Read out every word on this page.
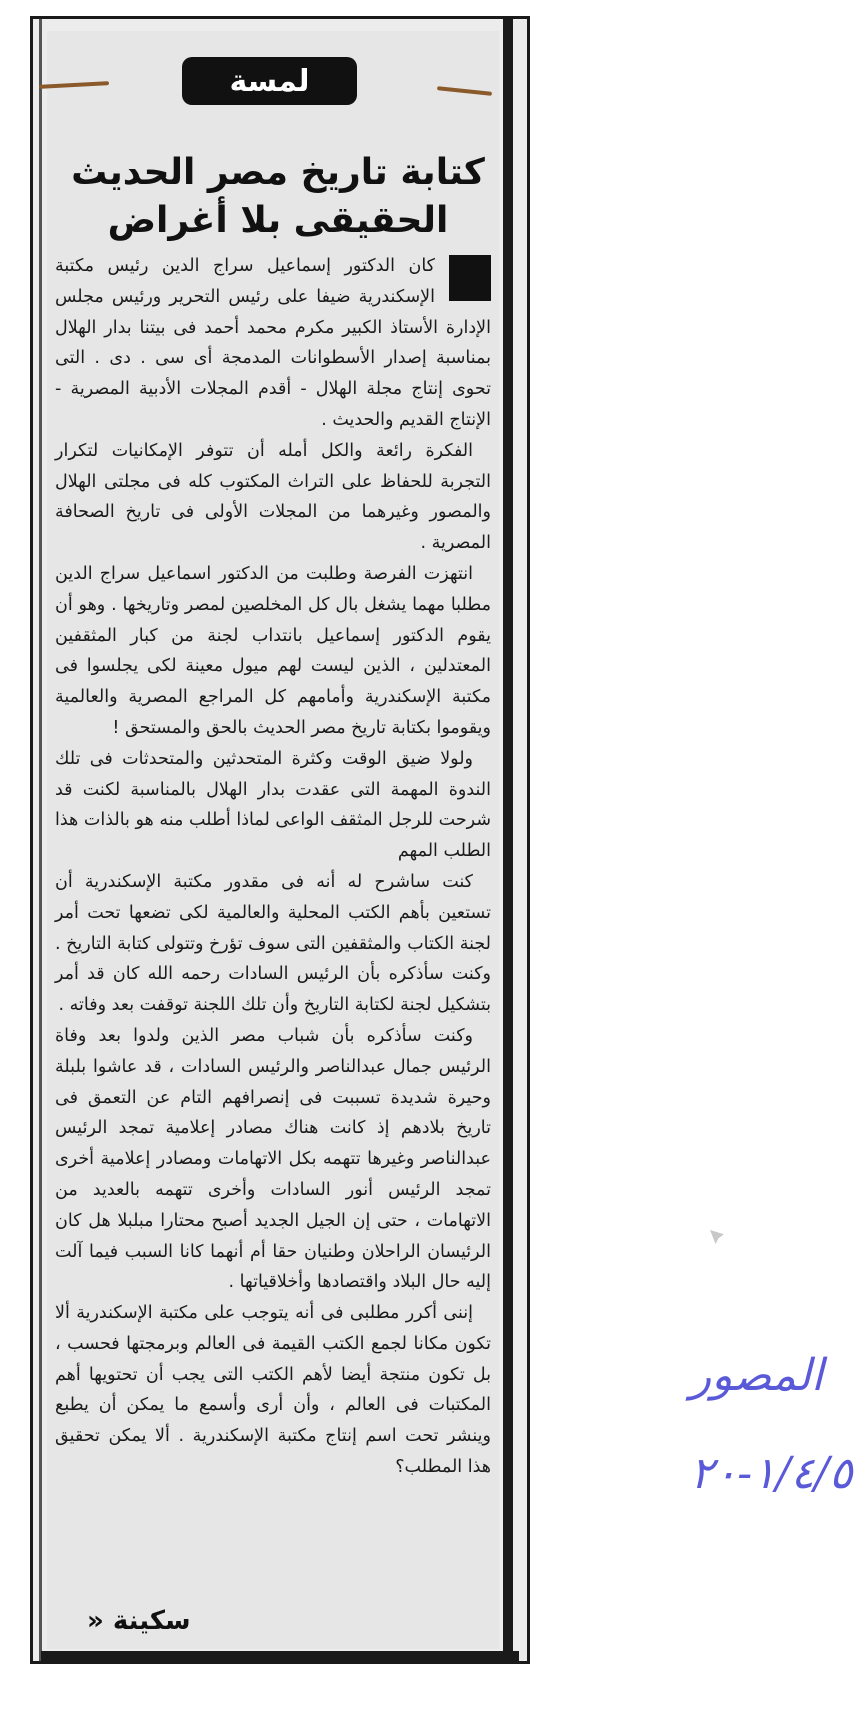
لمسة
كتابة تاريخ مصر الحديث
الحقيقى بلا أغراض

كان الدكتور إسماعيل سراج الدين رئيس مكتبة الإسكندرية ضيفا على رئيس التحرير ورئيس مجلس الإدارة الأستاذ الكبير مكرم محمد أحمد فى بيتنا بدار الهلال بمناسبة إصدار الأسطوانات المدمجة أى سى . دى . التى تحوى إنتاج مجلة الهلال - أقدم المجلات الأدبية المصرية - الإنتاج القديم والحديث .

الفكرة رائعة والكل أمله أن تتوفر الإمكانيات لتكرار التجربة للحفاظ على التراث المكتوب كله فى مجلتى الهلال والمصور وغيرهما من المجلات الأولى فى تاريخ الصحافة المصرية .

انتهزت الفرصة وطلبت من الدكتور اسماعيل سراج الدين مطلبا مهما يشغل بال كل المخلصين لمصر وتاريخها . وهو أن يقوم الدكتور إسماعيل بانتداب لجنة من كبار المثقفين المعتدلين ، الذين ليست لهم ميول معينة لكى يجلسوا فى مكتبة الإسكندرية وأمامهم كل المراجع المصرية والعالمية ويقوموا بكتابة تاريخ مصر الحديث بالحق والمستحق !

ولولا ضيق الوقت وكثرة المتحدثين والمتحدثات فى تلك الندوة المهمة التى عقدت بدار الهلال بالمناسبة لكنت قد شرحت للرجل المثقف الواعى لماذا أطلب منه هو بالذات هذا الطلب المهم

كنت ساشرح له أنه فى مقدور مكتبة الإسكندرية أن تستعين بأهم الكتب المحلية والعالمية لكى تضعها تحت أمر لجنة الكتاب والمثقفين التى سوف تؤرخ وتتولى كتابة التاريخ . وكنت سأذكره بأن الرئيس السادات رحمه الله كان قد أمر بتشكيل لجنة لكتابة التاريخ وأن تلك اللجنة توقفت بعد وفاته .

وكنت سأذكره بأن شباب مصر الذين ولدوا بعد وفاة الرئيس جمال عبدالناصر والرئيس السادات ، قد عاشوا بلبلة وحيرة شديدة تسببت فى إنصرافهم التام عن التعمق فى تاريخ بلادهم إذ كانت هناك مصادر إعلامية تمجد الرئيس عبدالناصر وغيرها تتهمه بكل الاتهامات ومصادر إعلامية أخرى تمجد الرئيس أنور السادات وأخرى تتهمه بالعديد من الاتهامات ، حتى إن الجيل الجديد أصبح محتارا مبلبلا هل كان الرئيسان الراحلان وطنيان حقا أم أنهما كانا السبب فيما آلت إليه حال البلاد واقتصادها وأخلاقياتها .

إننى أكرر مطلبى فى أنه يتوجب على مكتبة الإسكندرية ألا تكون مكانا لجمع الكتب القيمة فى العالم وبرمجتها فحسب ، بل تكون منتجة أيضا لأهم الكتب التى يجب أن تحتويها أهم المكتبات فى العالم ، وأن أرى وأسمع ما يمكن أن يطبع وينشر تحت اسم إنتاج مكتبة الإسكندرية . ألا يمكن تحقيق هذا المطلب؟

سكينة «
المصور
١/٤/٥-٢٠
